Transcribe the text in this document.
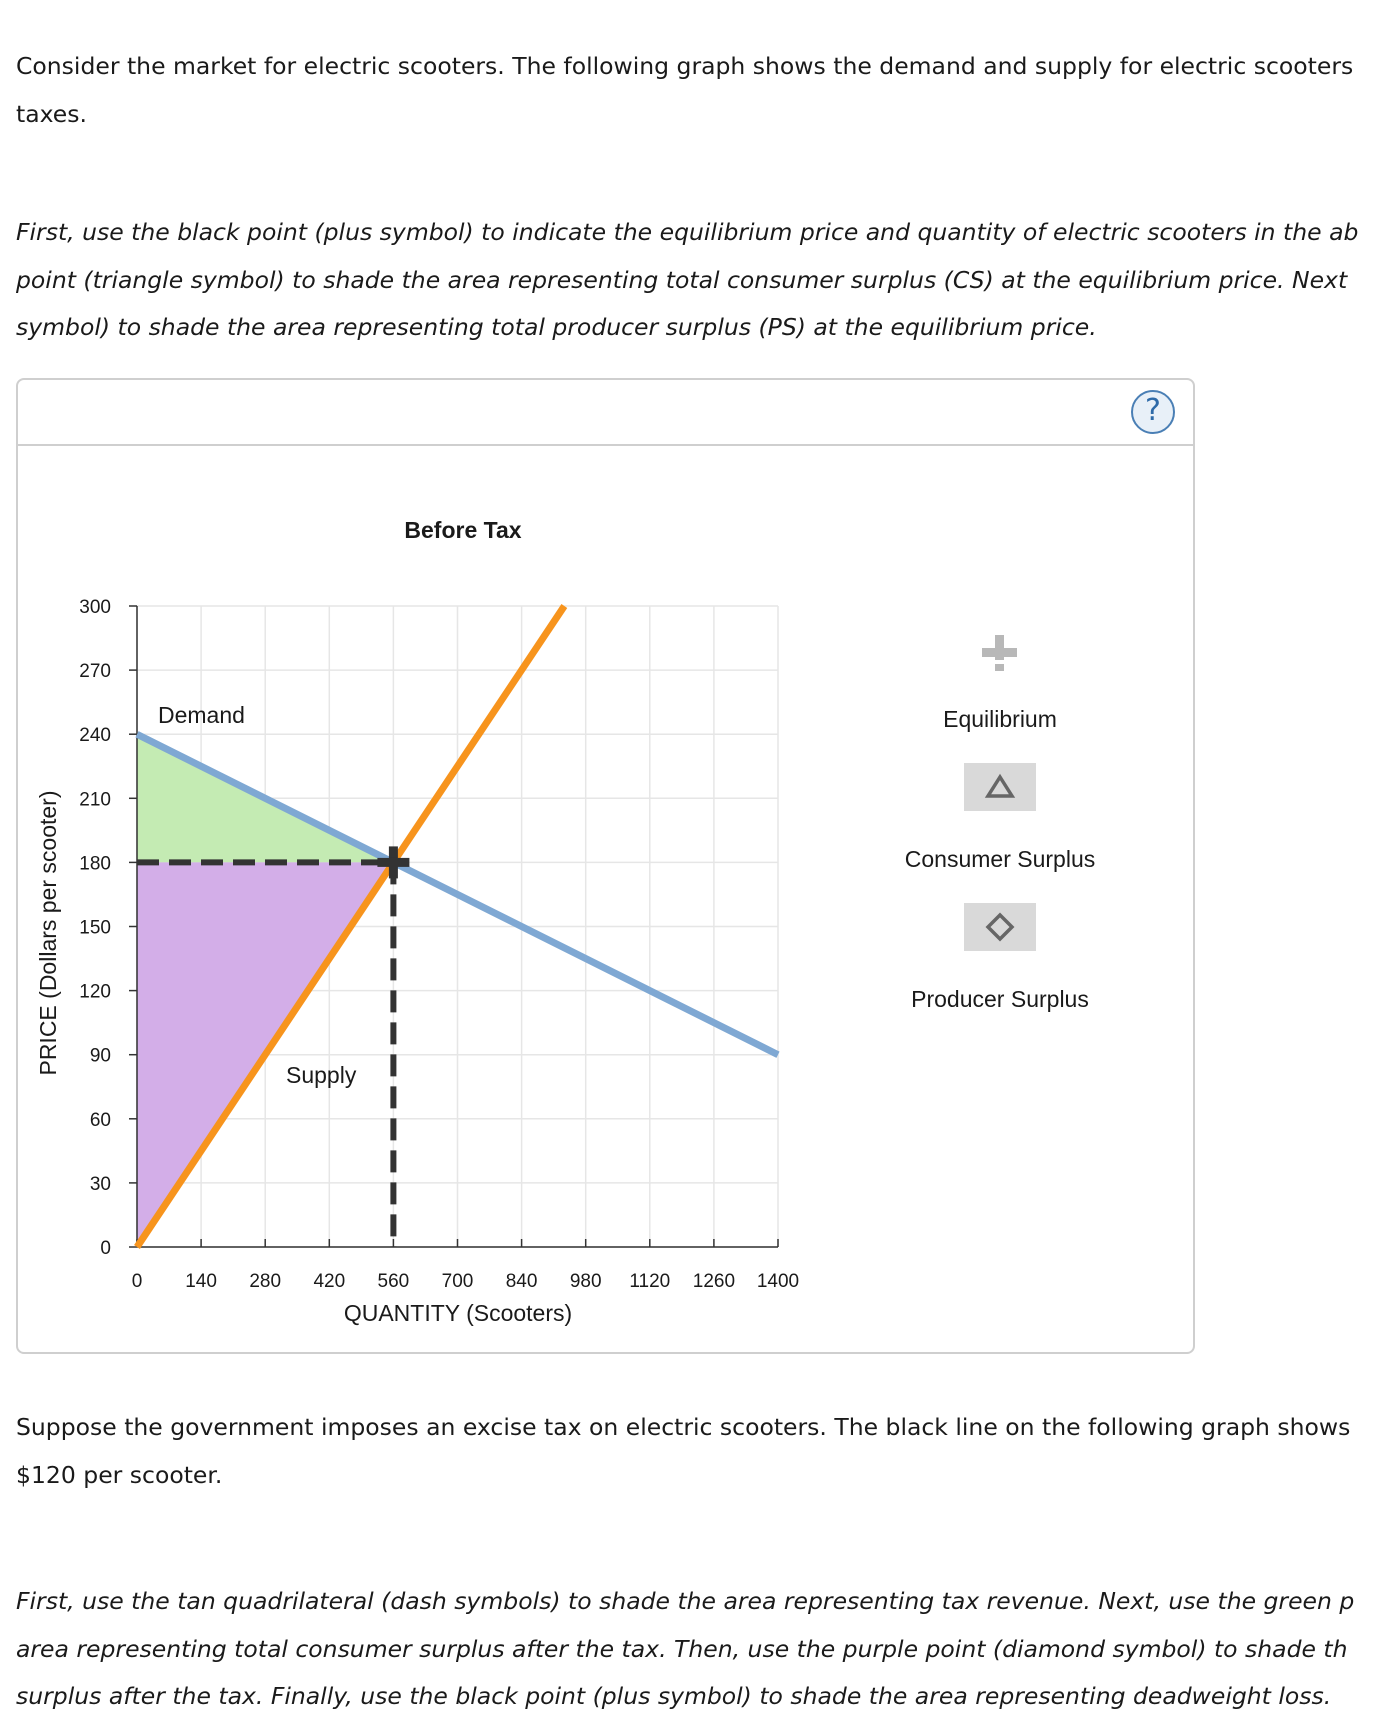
Consider the market for electric scooters. The following graph shows the demand and supply for electric scooters
taxes.
First, use the black point (plus symbol) to indicate the equilibrium price and quantity of electric scooters in the ab
point (triangle symbol) to shade the area representing total consumer surplus (CS) at the equilibrium price. Next
symbol) to shade the area representing total producer surplus (PS) at the equilibrium price.
?
0
30
60
90
120
150
180
210
240
270
300
0 140 280 420 560 700 840 980 1120 1260 1400
Before Tax
QUANTITY (Scooters)
PRICE (Dollars per scooter)
Demand
Supply
Equilibrium
Consumer Surplus
Producer Surplus
Suppose the government imposes an excise tax on electric scooters. The black line on the following graph shows
$120 per scooter.
First, use the tan quadrilateral (dash symbols) to shade the area representing tax revenue. Next, use the green p
area representing total consumer surplus after the tax. Then, use the purple point (diamond symbol) to shade th
surplus after the tax. Finally, use the black point (plus symbol) to shade the area representing deadweight loss.
